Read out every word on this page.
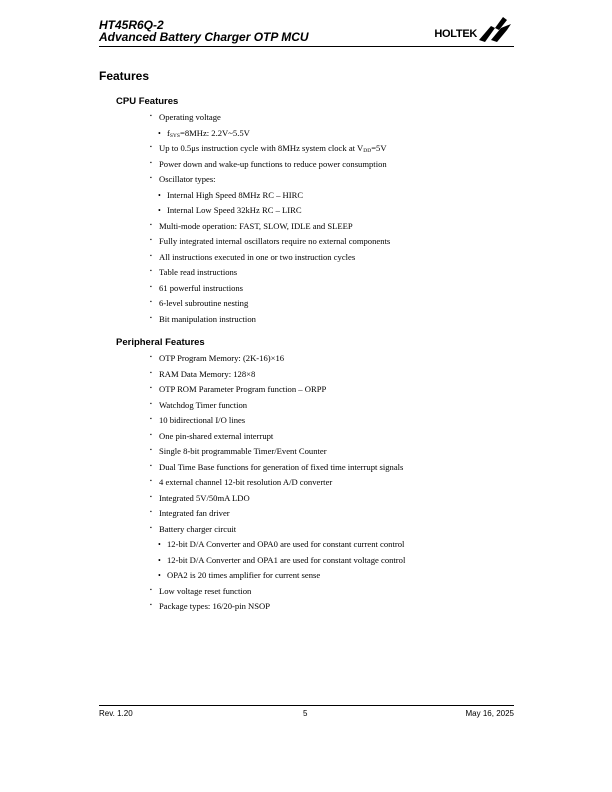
HT45R6Q-2
Advanced Battery Charger OTP MCU	HOLTEK
Features
CPU Features
▪ Operating voltage
• $f_{SYS}=8MHz$: 2.2V~5.5V
▪ Up to 0.5μs instruction cycle with 8MHz system clock at $V_{DD}=5V$
▪ Power down and wake-up functions to reduce power consumption
▪ Oscillator types:
• Internal High Speed 8MHz RC – HIRC
• Internal Low Speed 32kHz RC – LIRC
▪ Multi-mode operation: FAST, SLOW, IDLE and SLEEP
▪ Fully integrated internal oscillators require no external components
▪ All instructions executed in one or two instruction cycles
▪ Table read instructions
▪ 61 powerful instructions
▪ 6-level subroutine nesting
▪ Bit manipulation instruction
Peripheral Features
▪ OTP Program Memory: (2K-16)×16
▪ RAM Data Memory: 128×8
▪ OTP ROM Parameter Program function – ORPP
▪ Watchdog Timer function
▪ 10 bidirectional I/O lines
▪ One pin-shared external interrupt
▪ Single 8-bit programmable Timer/Event Counter
▪ Dual Time Base functions for generation of fixed time interrupt signals
▪ 4 external channel 12-bit resolution A/D converter
▪ Integrated 5V/50mA LDO
▪ Integrated fan driver
▪ Battery charger circuit
• 12-bit D/A Converter and OPA0 are used for constant current control
• 12-bit D/A Converter and OPA1 are used for constant voltage control
• OPA2 is 20 times amplifier for current sense
▪ Low voltage reset function
▪ Package types: 16/20-pin NSOP
Rev. 1.20	5	May 16, 2025
